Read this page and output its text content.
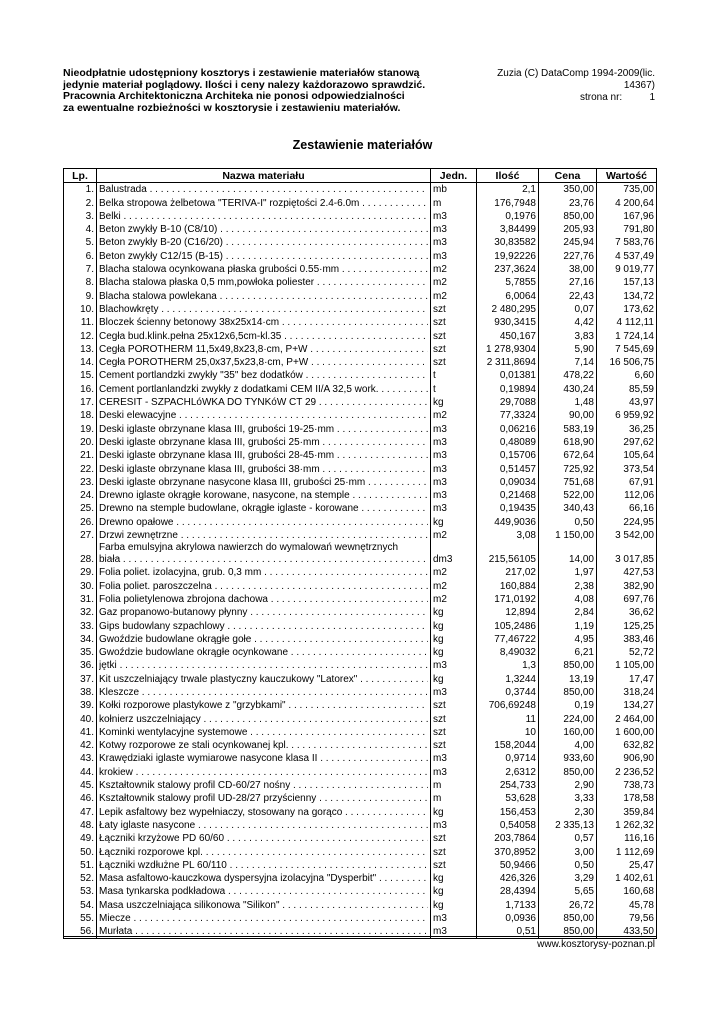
Nieodpłatnie udostępniony kosztorys i zestawienie materiałów stanową
jedynie materiał poglądowy. Ilości i ceny nalezy każdorazowo sprawdzić.
Pracownia Architektoniczna Architeka nie ponosi odpowiedzialności
za ewentualne rozbieżności w kosztorysie i zestawieniu materiałów.
Zuzia (C) DataComp 1994-2009(lic.
14367)
strona nr:	1
Zestawienie materiałów
Lp.	Nazwa materiału	Jedn.	Ilość	Cena	Wartość
1.	Balustrada . . .	mb	2,1	350,00	735,00
2.	Belka stropowa żelbetowa "TERIVA-I" rozpiętości 2.4-6.0m . . .	m	176,7948	23,76	4 200,64
3.	Belki . . .	m3	0,1976	850,00	167,96
4.	Beton zwykły B-10 (C8/10) . . .	m3	3,84499	205,93	791,80
5.	Beton zwykły B-20 (C16/20) . . .	m3	30,83582	245,94	7 583,76
6.	Beton zwykły C12/15 (B-15) . . .	m3	19,92226	227,76	4 537,49
7.	Blacha stalowa ocynkowana płaska grubości 0.55·mm . . .	m2	237,3624	38,00	9 019,77
8.	Blacha stalowa płaska 0,5 mm,powłoka poliester . . .	m2	5,7855	27,16	157,13
9.	Blacha stalowa powlekana . . .	m2	6,0064	22,43	134,72
10.	Blachowkręty . . .	szt	2 480,295	0,07	173,62
11.	Bloczek ścienny betonowy 38x25x14·cm . . .	szt	930,3415	4,42	4 112,11
12.	Cegła bud.klink.pełna 25x12x6,5cm-kl.35 . . .	szt	450,167	3,83	1 724,14
13.	Cegła POROTHERM 11,5x49,8x23,8·cm, P+W . . .	szt	1 278,9304	5,90	7 545,69
14.	Cegła POROTHERM 25,0x37,5x23,8·cm, P+W . . .	szt	2 311,8694	7,14	16 506,75
15.	Cement portlandzki zwykły "35" bez dodatków . . .	t	0,01381	478,22	6,60
16.	Cement portlanlandzki zwykły z dodatkami CEM II/A 32,5 work. . . .	t	0,19894	430,24	85,59
17.	CERESIT - SZPACHLóWKA DO TYNKóW CT 29 . . .	kg	29,7088	1,48	43,97
18.	Deski elewacyjne . . .	m2	77,3324	90,00	6 959,92
19.	Deski iglaste obrzynane klasa III, grubości 19-25·mm . . .	m3	0,06216	583,19	36,25
20.	Deski iglaste obrzynane klasa III, grubości 25·mm . . .	m3	0,48089	618,90	297,62
21.	Deski iglaste obrzynane klasa III, grubości 28-45·mm . . .	m3	0,15706	672,64	105,64
22.	Deski iglaste obrzynane klasa III, grubości 38·mm . . .	m3	0,51457	725,92	373,54
23.	Deski iglaste obrzynane nasycone klasa III, grubości 25·mm . . .	m3	0,09034	751,68	67,91
24.	Drewno iglaste okrągłe korowane, nasycone, na stemple . . .	m3	0,21468	522,00	112,06
25.	Drewno na stemple budowlane, okrągłe iglaste - korowane . . .	m3	0,19435	340,43	66,16
26.	Drewno opałowe . . .	kg	449,9036	0,50	224,95
27.	Drzwi zewnętrzne . . .	m2	3,08	1 150,00	3 542,00
28.	Farba emulsyjna akrylowa nawierzch do wymalowań wewnętrznych
biała . . .	dm3	215,56105	14,00	3 017,85
29.	Folia poliet. izolacyjna, grub. 0,3 mm . . .	m2	217,02	1,97	427,53
30.	Folia poliet. paroszczelna . . .	m2	160,884	2,38	382,90
31.	Folia polietylenowa zbrojona dachowa . . .	m2	171,0192	4,08	697,76
32.	Gaz propanowo-butanowy płynny . . .	kg	12,894	2,84	36,62
33.	Gips budowlany szpachlowy . . .	kg	105,2486	1,19	125,25
34.	Gwoździe budowlane okrągłe gołe . . .	kg	77,46722	4,95	383,46
35.	Gwoździe budowlane okrągłe ocynkowane . . .	kg	8,49032	6,21	52,72
36.	jętki . . .	m3	1,3	850,00	1 105,00
37.	Kit uszczelniający trwale plastyczny kauczukowy "Latorex" . . .	kg	1,3244	13,19	17,47
38.	Kleszcze . . .	m3	0,3744	850,00	318,24
39.	Kołki rozporowe plastykowe z "grzybkami" . . .	szt	706,69248	0,19	134,27
40.	kołnierz uszczelniający . . .	szt	11	224,00	2 464,00
41.	Kominki wentylacyjne systemowe . . .	szt	10	160,00	1 600,00
42.	Kotwy rozporowe ze stali ocynkowanej kpl. . . .	szt	158,2044	4,00	632,82
43.	Krawędziaki iglaste wymiarowe nasycone klasa II . . .	m3	0,9714	933,60	906,90
44.	krokiew . . .	m3	2,6312	850,00	2 236,52
45.	Kształtownik stalowy profil CD-60/27 nośny . . .	m	254,733	2,90	738,73
46.	Kształtownik stalowy profil UD-28/27 przyścienny . . .	m	53,628	3,33	178,58
47.	Lepik asfaltowy bez wypełniaczy, stosowany na gorąco . . .	kg	156,453	2,30	359,84
48.	Łaty iglaste nasycone . . .	m3	0,54058	2 335,13	1 262,32
49.	Łączniki krzyżowe PD 60/60 . . .	szt	203,7864	0,57	116,16
50.	Łączniki rozporowe kpl. . . .	szt	370,8952	3,00	1 112,69
51.	Łączniki wzdłużne PL 60/110 . . .	szt	50,9466	0,50	25,47
52.	Masa asfaltowo-kauczkowa dyspersyjna izolacyjna "Dysperbit" . . .	kg	426,326	3,29	1 402,61
53.	Masa tynkarska podkładowa . . .	kg	28,4394	5,65	160,68
54.	Masa uszczelniająca silikonowa "Silikon" . . .	kg	1,7133	26,72	45,78
55.	Miecze . . .	m3	0,0936	850,00	79,56
56.	Murłata . . .	m3	0,51	850,00	433,50
www.kosztorysy-poznan.pl
